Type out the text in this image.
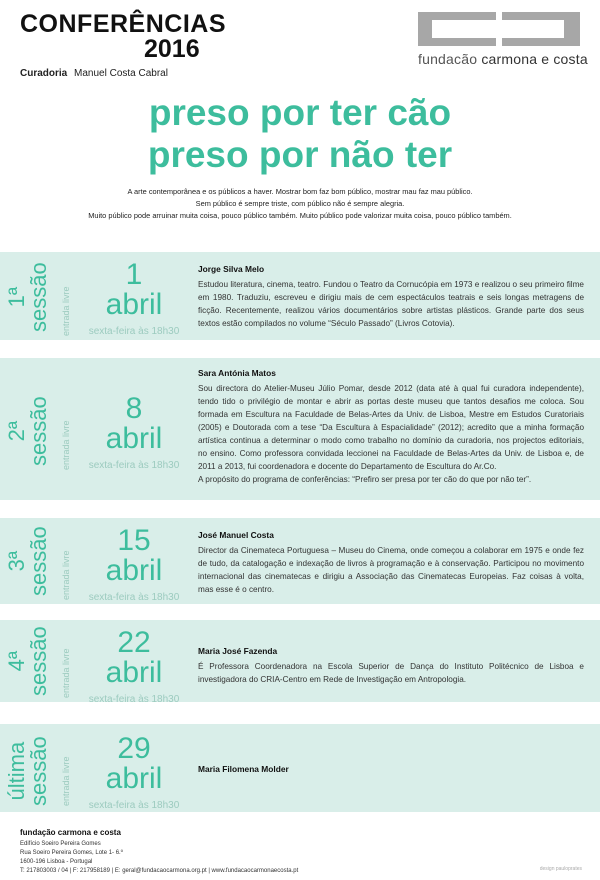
CONFERÊNCIAS
2016
Curadoria Manuel Costa Cabral
fundacão carmona e costa
preso por ter cão
preso por não ter
A arte contemporânea e os públicos a haver. Mostrar bom faz bom público, mostrar mau faz mau público.
Sem público é sempre triste, com público não é sempre alegria.
Muito público pode arruinar muita coisa, pouco público também. Muito público pode valorizar muita coisa, pouco público também.
1ª
sessão	entrada livre
1
abril
sexta-feira às 18h30
Jorge Silva Melo
Estudou literatura, cinema, teatro. Fundou o Teatro da Cornucópia em 1973 e realizou o seu primeiro filme em 1980. Traduziu, escreveu e dirigiu mais de cem espectáculos teatrais e seis longas metragens de ficção. Recentemente, realizou vários documentários sobre artistas plásticos. Grande parte dos seus textos estão compilados no volume “Século Passado” (Livros Cotovia).
2ª
sessão	entrada livre
8
abril
sexta-feira às 18h30
Sara Antónia Matos
Sou directora do Atelier-Museu Júlio Pomar, desde 2012 (data até à qual fui curadora independente), tendo tido o privilégio de montar e abrir as portas deste museu que tantos desafios me coloca. Sou formada em Escultura na Faculdade de Belas-Artes da Univ. de Lisboa, Mestre em Estudos Curatoriais (2005) e Doutorada com a tese “Da Escultura à Espacialidade” (2012); acredito que a minha formação artística continua a determinar o modo como trabalho no domínio da curadoria, nos projectos editoriais, no ensino. Como professora convidada leccionei na Faculdade de Belas-Artes da Univ. de Lisboa e, de 2011 a 2013, fui coordenadora e docente do Departamento de Escultura do Ar.Co.
A propósito do programa de conferências: “Prefiro ser presa por ter cão do que por não ter”.
3ª
sessão	entrada livre
15
abril
sexta-feira às 18h30
José Manuel Costa
Director da Cinemateca Portuguesa – Museu do Cinema, onde começou a colaborar em 1975 e onde fez de tudo, da catalogação e indexação de livros à programação e à conservação. Participou no movimento internacional das cinematecas e dirigiu a Associação das Cinematecas Europeias. Faz coisas à volta, mas esse é o centro.
4ª
sessão	entrada livre
22
abril
sexta-feira às 18h30
Maria José Fazenda
É Professora Coordenadora na Escola Superior de Dança do Instituto Politécnico de Lisboa e investigadora do CRIA-Centro em Rede de Investigação em Antropologia.
última
sessão	entrada livre
29
abril
sexta-feira às 18h30
Maria Filomena Molder
fundação carmona e costa
Edifício Soeiro Pereira Gomes
Rua Soeiro Pereira Gomes, Lote 1- 6.º
1600-196 Lisboa - Portugal
T: 217803003 / 04 | F: 217958189 | E: geral@fundacaocarmona.org.pt | www.fundacaocarmonaecosta.pt	design pauloprates
